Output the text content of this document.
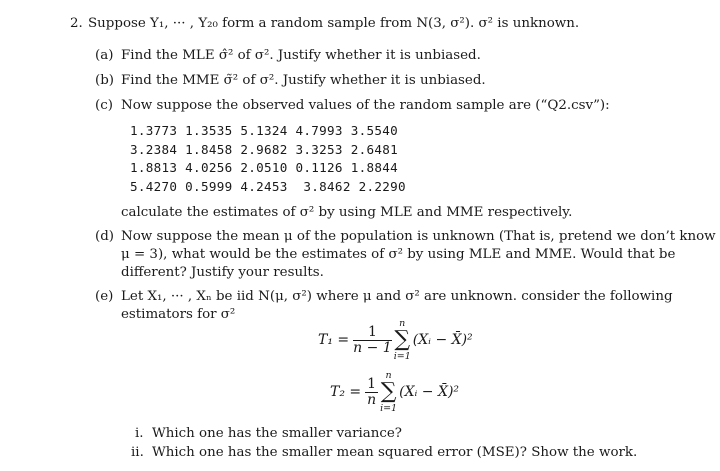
2. Suppose Y₁, ··· , Y₂₀ form a random sample from N(3, σ²). σ² is unknown.
(a) Find the MLE σ̂² of σ². Justify whether it is unbiased.
(b) Find the MME σ̃² of σ². Justify whether it is unbiased.
(c) Now suppose the observed values of the random sample are (“Q2.csv”):
1.3773 1.3535 5.1324 4.7993 3.5540
3.2384 1.8458 2.9682 3.3253 2.6481
1.8813 4.0256 2.0510 0.1126 1.8844
5.4270 0.5999 4.2453  3.8462 2.2290
calculate the estimates of σ² by using MLE and MME respectively.
(d) Now suppose the mean μ of the population is unknown (That is, pretend we don’t know
μ = 3), what would be the estimates of σ² by using MLE and MME. Would that be
different? Justify your results.
(e) Let X₁, ··· , Xₙ be iid N(μ, σ²) where μ and σ² are unknown. consider the following
estimators for σ²
$T_1 = \frac{1}{n - 1}$
n
∑
i=1
(Xᵢ − X̄)²
$T_2 = \frac{1}{n}$
n
∑
i=1
(Xᵢ − X̄)²
i. Which one has the smaller variance?
ii. Which one has the smaller mean squared error (MSE)? Show the work.
